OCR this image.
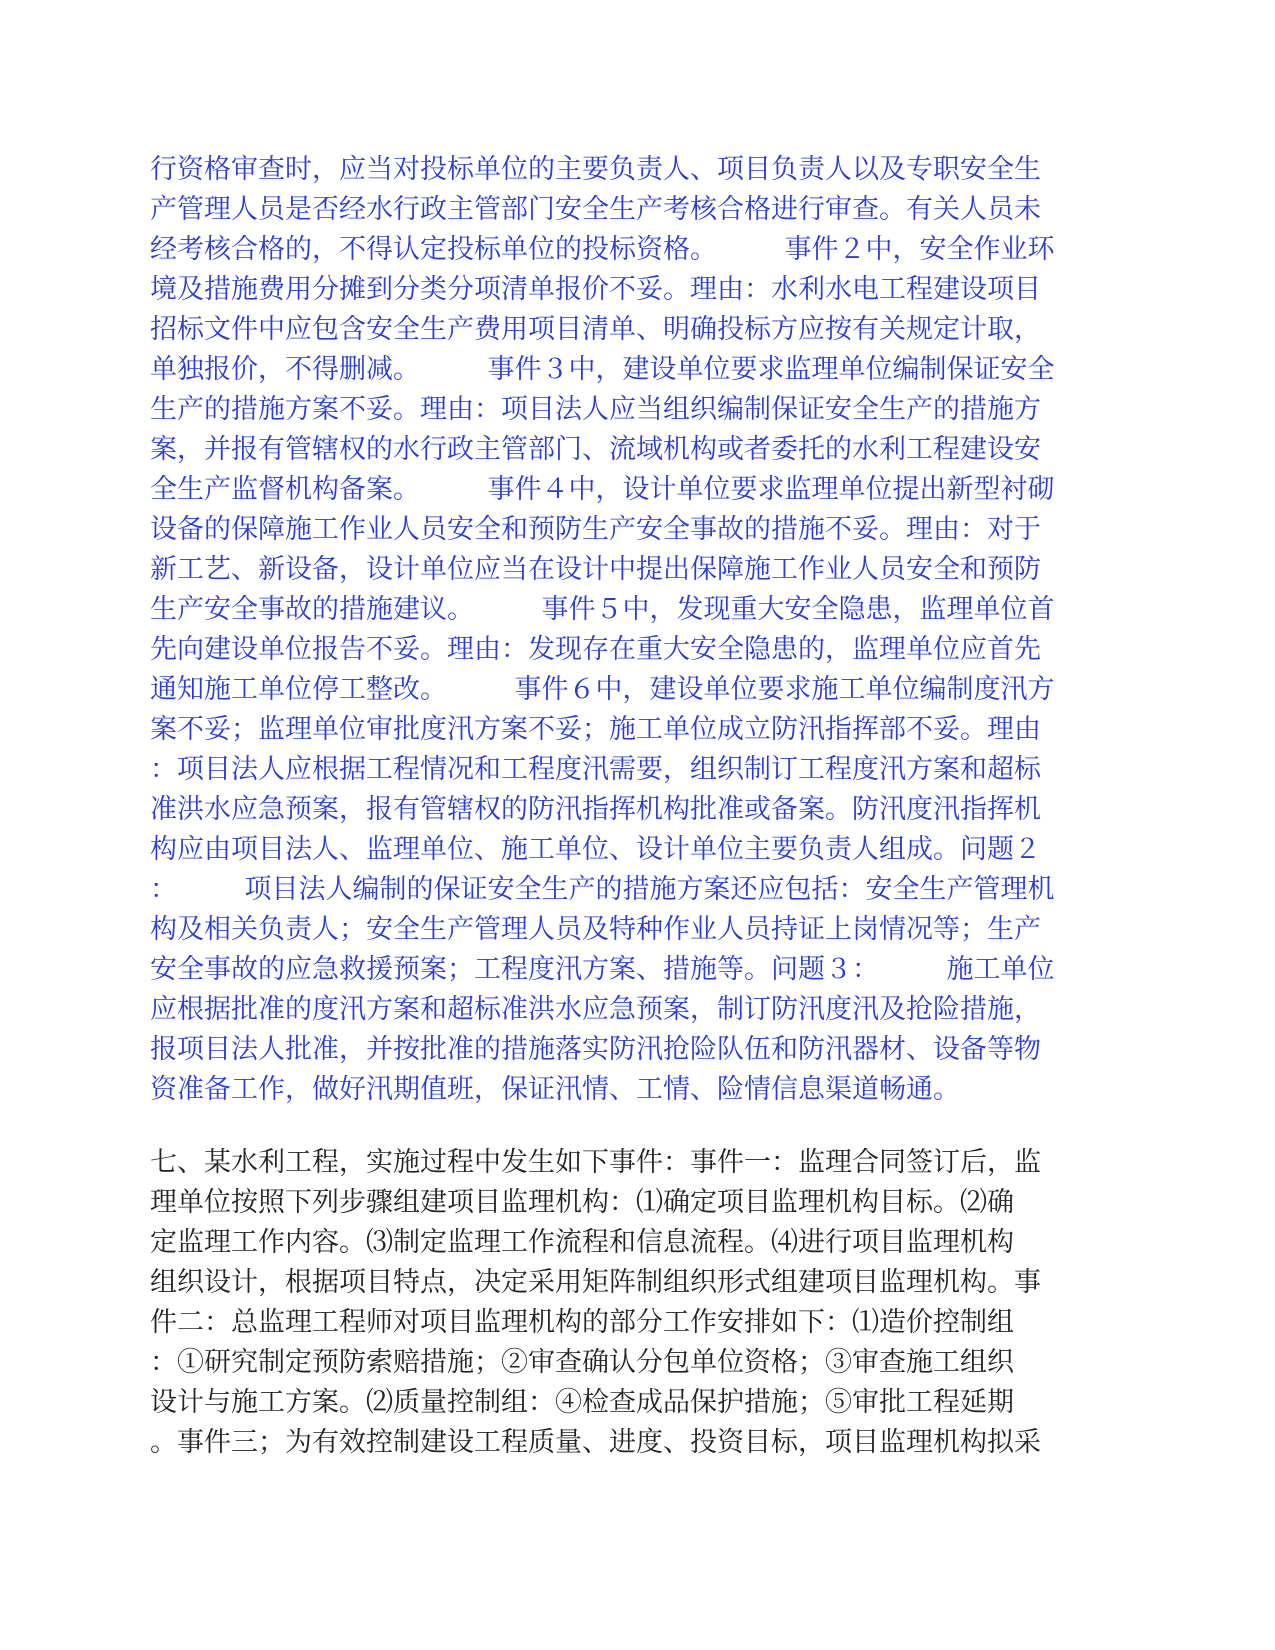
行资格审查时，应当对投标单位的主要负责人、项目负责人以及专职安全生
产管理人员是否经水行政主管部门安全生产考核合格进行审查。有关人员未
经考核合格的，不得认定投标单位的投标资格。　　　事件２中，安全作业环
境及措施费用分摊到分类分项清单报价不妥。理由：水利水电工程建设项目
招标文件中应包含安全生产费用项目清单、明确投标方应按有关规定计取，
单独报价，不得删减。　　　事件３中，建设单位要求监理单位编制保证安全
生产的措施方案不妥。理由：项目法人应当组织编制保证安全生产的措施方
案，并报有管辖权的水行政主管部门、流域机构或者委托的水利工程建设安
全生产监督机构备案。　　　事件４中，设计单位要求监理单位提出新型衬砌
设备的保障施工作业人员安全和预防生产安全事故的措施不妥。理由：对于
新工艺、新设备，设计单位应当在设计中提出保障施工作业人员安全和预防
生产安全事故的措施建议。　　　事件５中，发现重大安全隐患，监理单位首
先向建设单位报告不妥。理由：发现存在重大安全隐患的，监理单位应首先
通知施工单位停工整改。　　　事件６中，建设单位要求施工单位编制度汛方
案不妥；监理单位审批度汛方案不妥；施工单位成立防汛指挥部不妥。理由
：项目法人应根据工程情况和工程度汛需要，组织制订工程度汛方案和超标
准洪水应急预案，报有管辖权的防汛指挥机构批准或备案。防汛度汛指挥机
构应由项目法人、监理单位、施工单位、设计单位主要负责人组成。问题２
：　　　项目法人编制的保证安全生产的措施方案还应包括：安全生产管理机
构及相关负责人；安全生产管理人员及特种作业人员持证上岗情况等；生产
安全事故的应急救援预案；工程度汛方案、措施等。问题３：　　　施工单位
应根据批准的度汛方案和超标准洪水应急预案，制订防汛度汛及抢险措施，
报项目法人批准，并按批准的措施落实防汛抢险队伍和防汛器材、设备等物
资准备工作，做好汛期值班，保证汛情、工情、险情信息渠道畅通。
七、某水利工程，实施过程中发生如下事件：事件一：监理合同签订后，监
理单位按照下列步骤组建项目监理机构：⑴确定项目监理机构目标。⑵确
定监理工作内容。⑶制定监理工作流程和信息流程。⑷进行项目监理机构
组织设计，根据项目特点，决定采用矩阵制组织形式组建项目监理机构。事
件二：总监理工程师对项目监理机构的部分工作安排如下：⑴造价控制组
：①研究制定预防索赔措施；②审查确认分包单位资格；③审查施工组织
设计与施工方案。⑵质量控制组：④检查成品保护措施；⑤审批工程延期
。事件三；为有效控制建设工程质量、进度、投资目标，项目监理机构拟采
